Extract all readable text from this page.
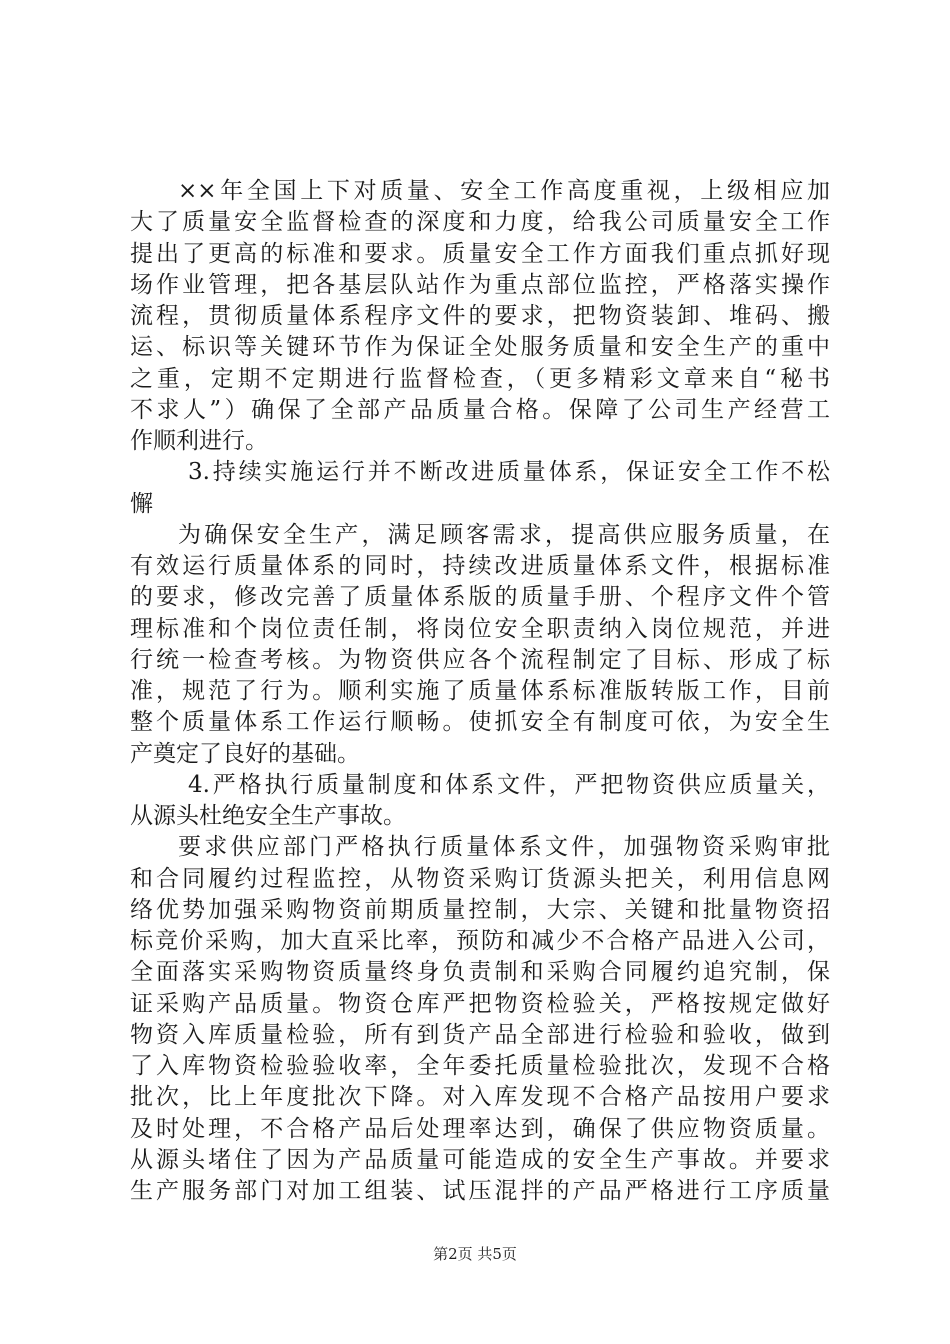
××年全国上下对质量、安全工作高度重视，上级相应加
大了质量安全监督检查的深度和力度，给我公司质量安全工作
提出了更高的标准和要求。质量安全工作方面我们重点抓好现
场作业管理，把各基层队站作为重点部位监控，严格落实操作
流程，贯彻质量体系程序文件的要求，把物资装卸、堆码、搬
运、标识等关键环节作为保证全处服务质量和安全生产的重中
之重，定期不定期进行监督检查，（更多精彩文章来自“秘书
不求人”）确保了全部产品质量合格。保障了公司生产经营工
作顺利进行。
3.持续实施运行并不断改进质量体系，保证安全工作不松
懈
为确保安全生产，满足顾客需求，提高供应服务质量，在
有效运行质量体系的同时，持续改进质量体系文件，根据标准
的要求，修改完善了质量体系版的质量手册、个程序文件个管
理标准和个岗位责任制，将岗位安全职责纳入岗位规范，并进
行统一检查考核。为物资供应各个流程制定了目标、形成了标
准，规范了行为。顺利实施了质量体系标准版转版工作，目前
整个质量体系工作运行顺畅。使抓安全有制度可依，为安全生
产奠定了良好的基础。
4.严格执行质量制度和体系文件，严把物资供应质量关，
从源头杜绝安全生产事故。
要求供应部门严格执行质量体系文件，加强物资采购审批
和合同履约过程监控，从物资采购订货源头把关，利用信息网
络优势加强采购物资前期质量控制，大宗、关键和批量物资招
标竞价采购，加大直采比率，预防和减少不合格产品进入公司，
全面落实采购物资质量终身负责制和采购合同履约追究制，保
证采购产品质量。物资仓库严把物资检验关，严格按规定做好
物资入库质量检验，所有到货产品全部进行检验和验收，做到
了入库物资检验验收率，全年委托质量检验批次，发现不合格
批次，比上年度批次下降。对入库发现不合格产品按用户要求
及时处理，不合格产品后处理率达到，确保了供应物资质量。
从源头堵住了因为产品质量可能造成的安全生产事故。并要求
生产服务部门对加工组装、试压混拌的产品严格进行工序质量
第2页 共5页
